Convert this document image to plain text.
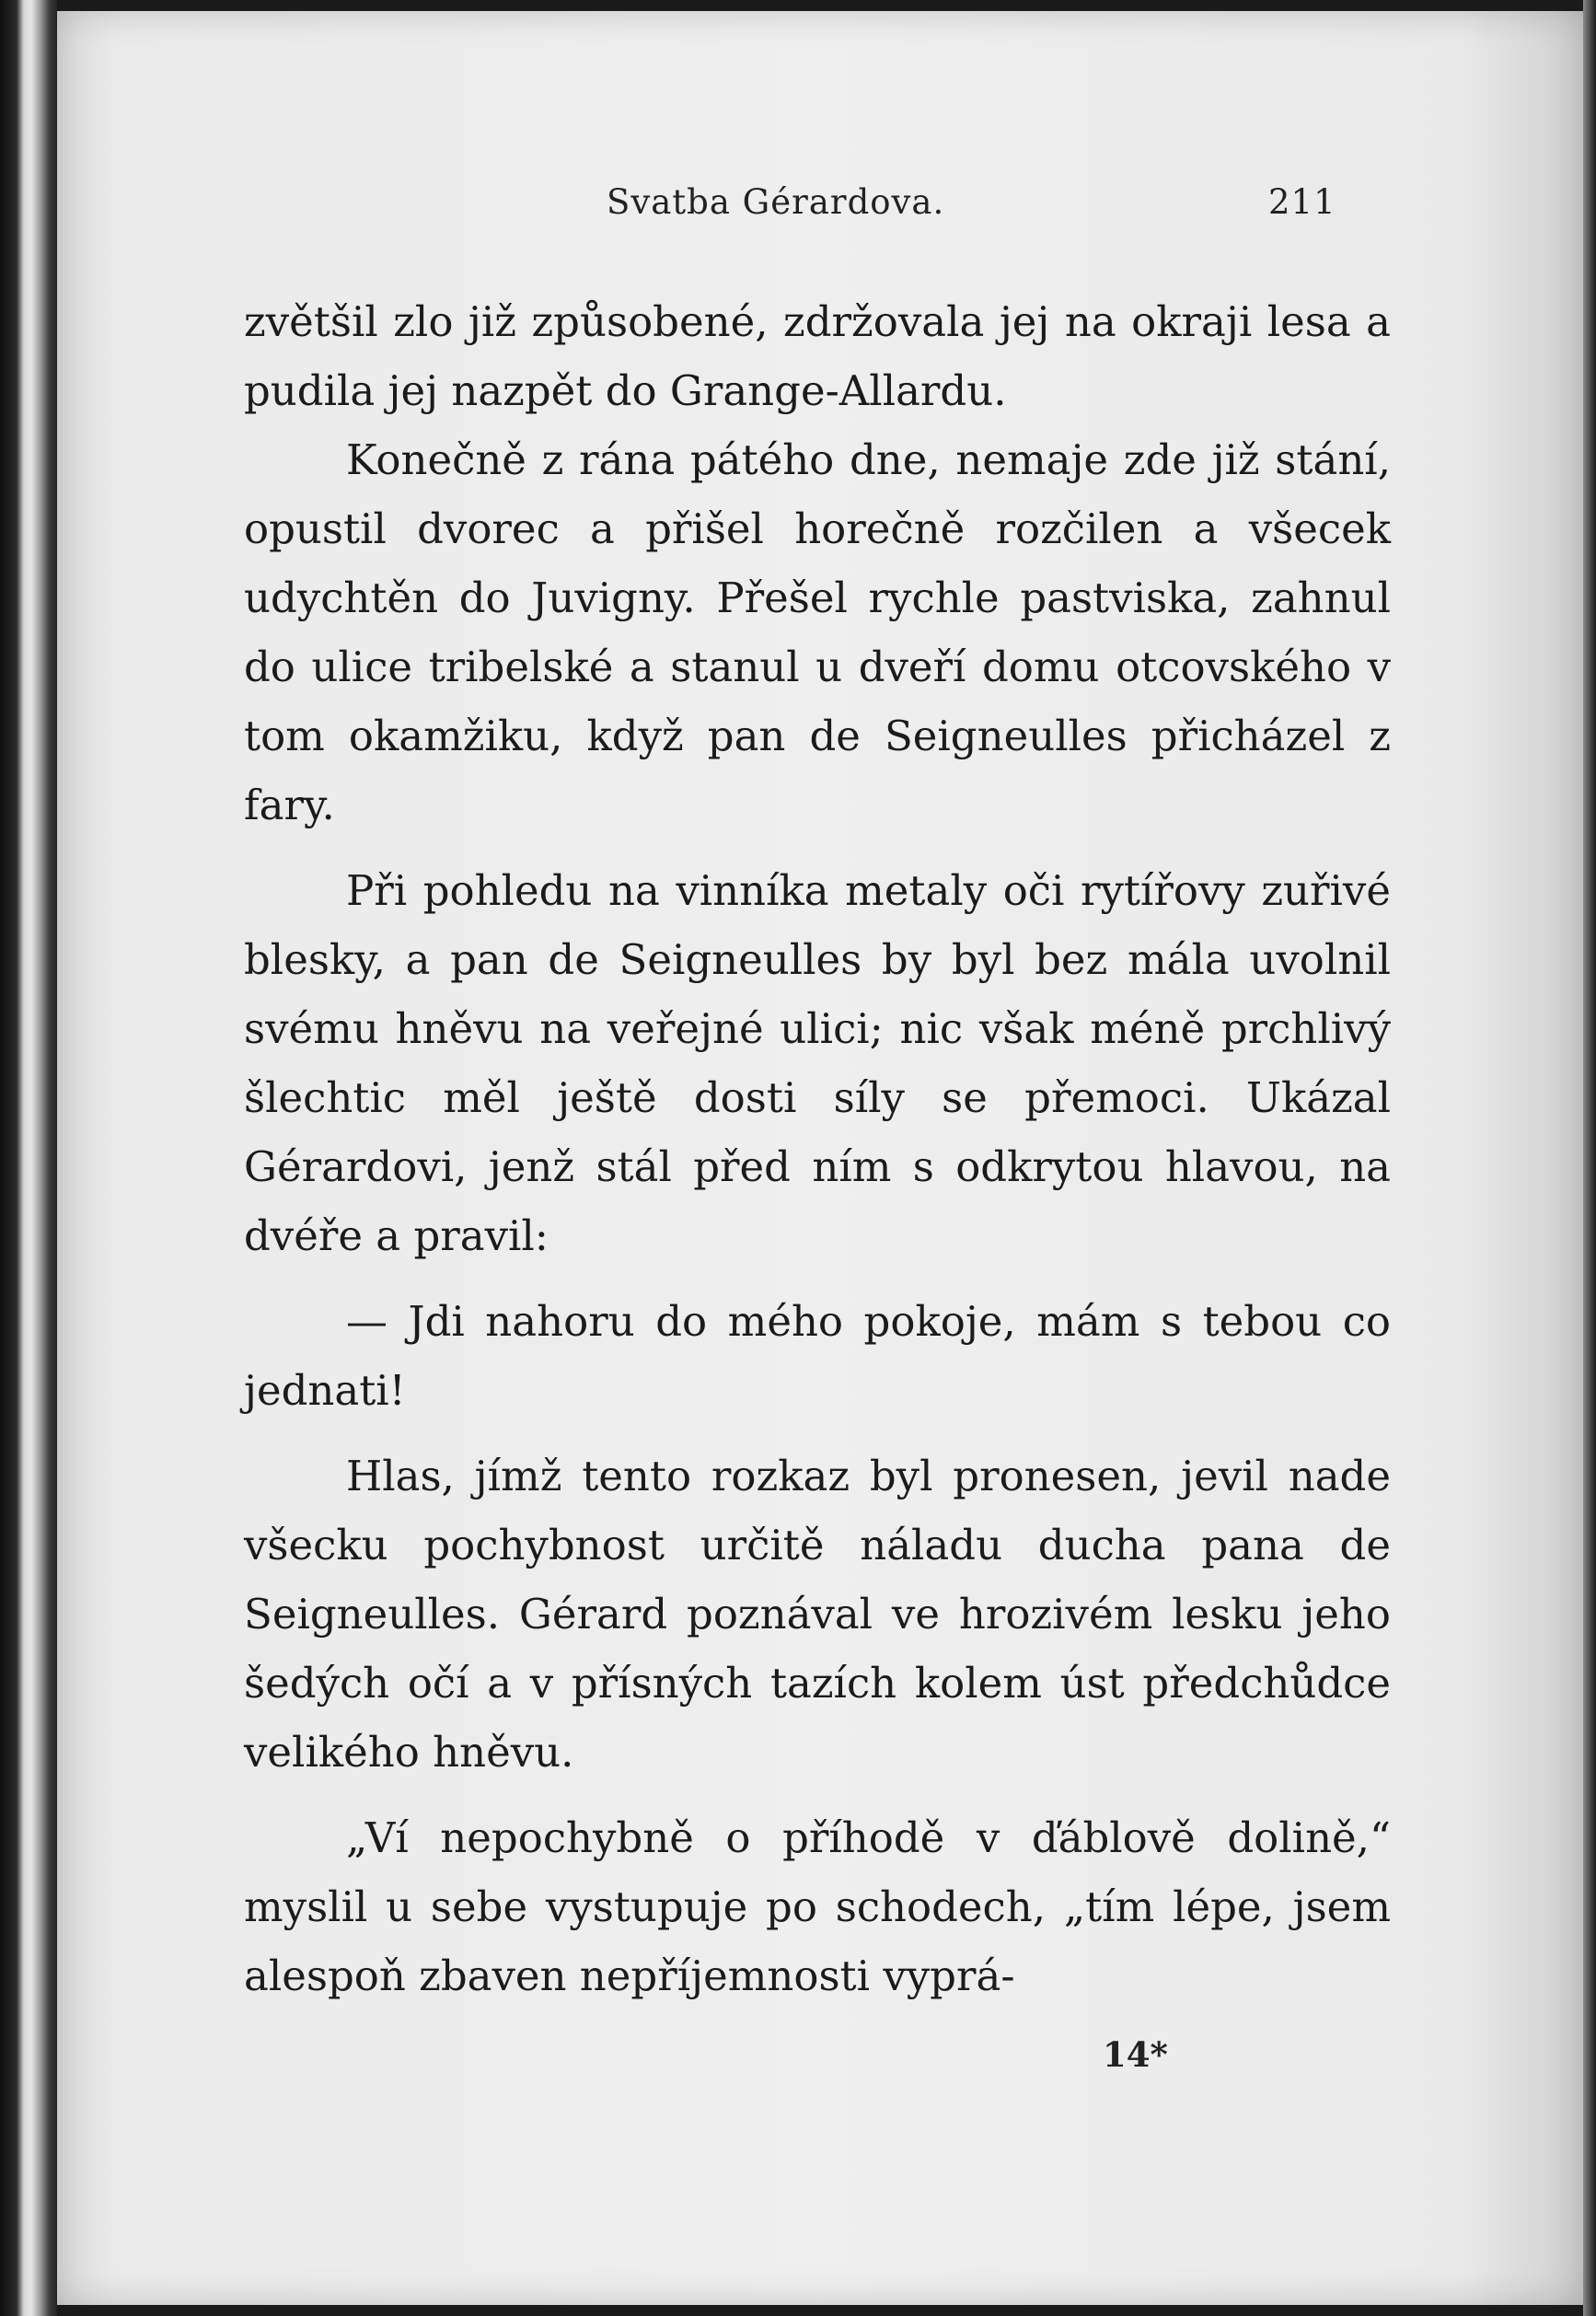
Svatba Gérardova.	211

zvětšil zlo již způsobené, zdržovala jej na okraji lesa a pudila jej nazpět do Grange-Allardu.

Konečně z rána pátého dne, nemaje zde již stání, opustil dvorec a přišel horečně rozčilen a všecek udychtěn do Juvigny. Přešel rychle pastviska, zahnul do ulice tribelské a stanul u dveří domu otcovského v tom okamžiku, když pan de Seigneulles přicházel z fary.

Při pohledu na vinníka metaly oči rytířovy zuřivé blesky, a pan de Seigneulles by byl bez mála uvolnil svému hněvu na veřejné ulici; nic však méně prchlivý šlechtic měl ještě dosti síly se přemoci. Ukázal Gérardovi, jenž stál před ním s odkrytou hlavou, na dvéře a pravil:

— Jdi nahoru do mého pokoje, mám s tebou co jednati!

Hlas, jímž tento rozkaz byl pronesen, jevil nade všecku pochybnost určitě náladu ducha pana de Seigneulles. Gérard poznával ve hrozivém lesku jeho šedých očí a v přísných tazích kolem úst předchůdce velikého hněvu.

„Ví nepochybně o příhodě v ďáblově dolině,“ myslil u sebe vystupuje po schodech, „tím lépe, jsem alespoň zbaven nepříjemnosti vyprá-

14*
